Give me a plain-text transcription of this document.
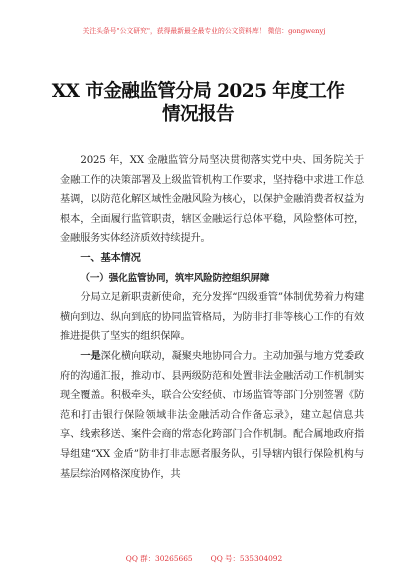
关注头条号"公文研究"，获得最新最全最专业的公文资料库！ 微信：gongwenyj
XX 市金融监管分局 2025 年度工作情况报告

2025 年，XX 金融监管分局坚决贯彻落实党中央、国务院关于金融工作的决策部署及上级监管机构工作要求，坚持稳中求进工作总基调，以防范化解区域性金融风险为核心，以保护金融消费者权益为根本，全面履行监管职责，辖区金融运行总体平稳，风险整体可控，金融服务实体经济质效持续提升。

一、基本情况

（一）强化监管协同，筑牢风险防控组织屏障

分局立足新职责新使命，充分发挥“四级垂管”体制优势着力构建横向到边、纵向到底的协同监管格局，为防非打非等核心工作的有效推进提供了坚实的组织保障。

一是深化横向联动，凝聚央地协同合力。主动加强与地方党委政府的沟通汇报，推动市、县两级防范和处置非法金融活动工作机制实现全覆盖。积极牵头，联合公安经侦、市场监管等部门分别签署《防范和打击银行保险领域非法金融活动合作备忘录》，建立起信息共享、线索移送、案件会商的常态化跨部门合作机制。配合属地政府指导组建“XX 金盾”防非打非志愿者服务队，引导辖内银行保险机构与基层综治网格深度协作，共

QQ 群：30265665 QQ 号：535304092
